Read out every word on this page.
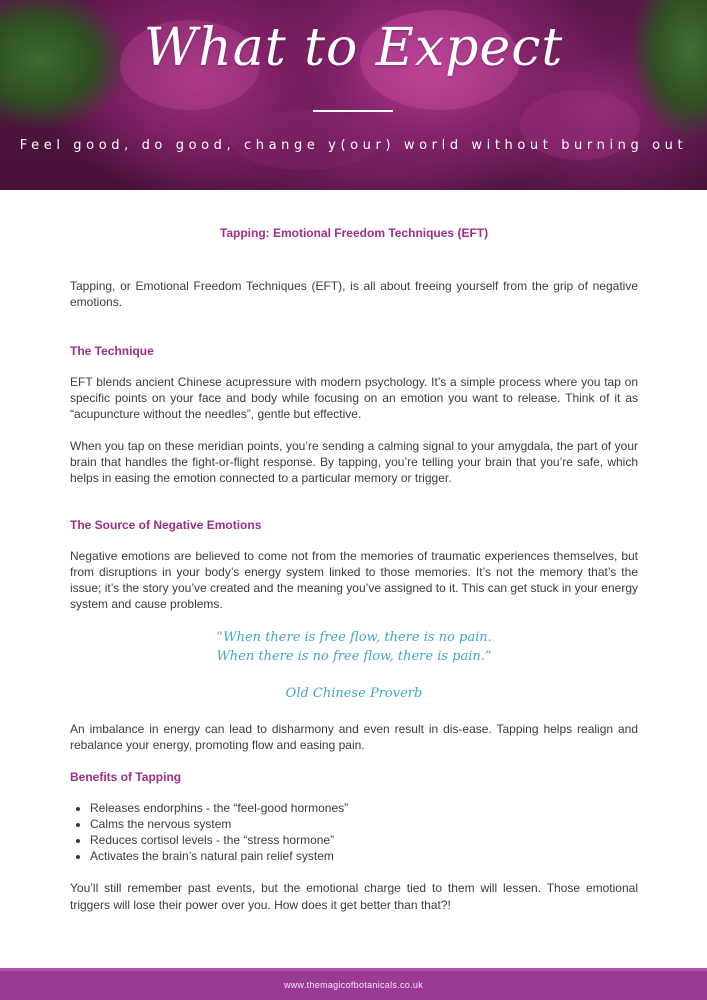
What to Expect
Feel good, do good, change y(our) world without burning out
Tapping: Emotional Freedom Techniques (EFT)

Tapping, or Emotional Freedom Techniques (EFT), is all about freeing yourself from the grip of negative emotions.

The Technique

EFT blends ancient Chinese acupressure with modern psychology. It’s a simple process where you tap on specific points on your face and body while focusing on an emotion you want to release. Think of it as “acupuncture without the needles”, gentle but effective.

When you tap on these meridian points, you’re sending a calming signal to your amygdala, the part of your brain that handles the fight-or-flight response. By tapping, you’re telling your brain that you’re safe, which helps in easing the emotion connected to a particular memory or trigger.

The Source of Negative Emotions

Negative emotions are believed to come not from the memories of traumatic experiences themselves, but from disruptions in your body’s energy system linked to those memories. It’s not the memory that’s the issue; it’s the story you’ve created and the meaning you’ve assigned to it. This can get stuck in your energy system and cause problems.

“When there is free flow, there is no pain.
When there is no free flow, there is pain.”
Old Chinese Proverb

An imbalance in energy can lead to disharmony and even result in dis-ease. Tapping helps realign and rebalance your energy, promoting flow and easing pain.

Benefits of Tapping
• Releases endorphins - the “feel-good hormones”
• Calms the nervous system
• Reduces cortisol levels - the “stress hormone”
• Activates the brain’s natural pain relief system

You’ll still remember past events, but the emotional charge tied to them will lessen. Those emotional triggers will lose their power over you. How does it get better than that?!

www.themagicofbotanicals.co.uk
